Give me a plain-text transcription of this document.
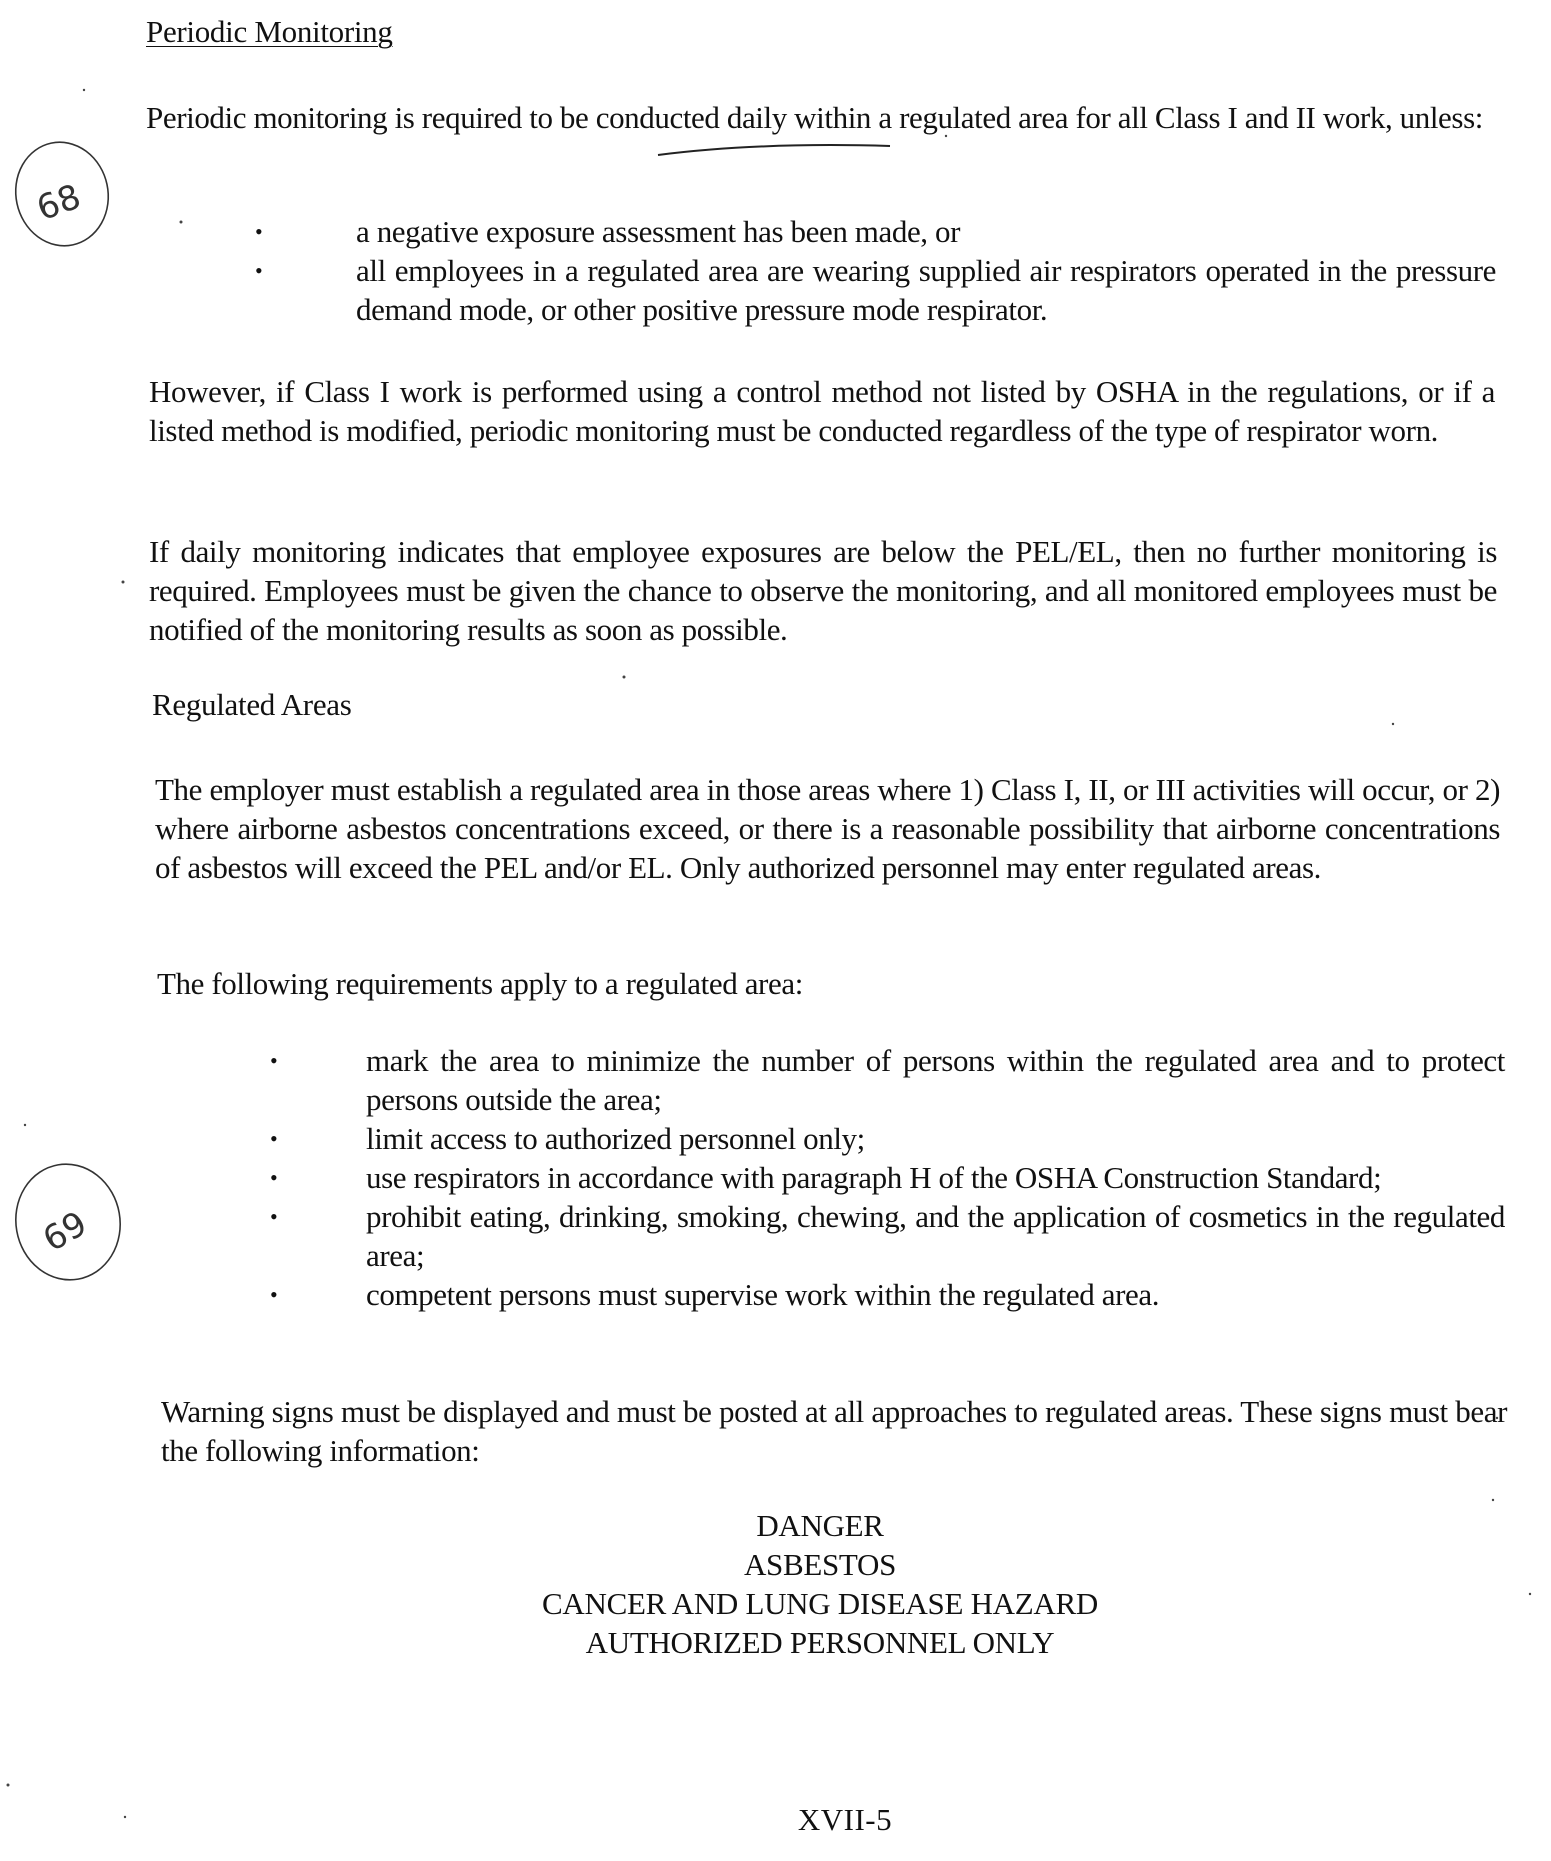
68
69
Periodic Monitoring
Periodic monitoring is required to be conducted daily within a regulated area for all Class I and II work, unless:
• a negative exposure assessment has been made, or
• all employees in a regulated area are wearing supplied air respirators operated in the pressure demand mode, or other positive pressure mode respirator.
However, if Class I work is performed using a control method not listed by OSHA in the regulations, or if a listed method is modified, periodic monitoring must be conducted regardless of the type of respirator worn.
If daily monitoring indicates that employee exposures are below the PEL/EL, then no further monitoring is required. Employees must be given the chance to observe the monitoring, and all monitored employees must be notified of the monitoring results as soon as possible.
Regulated Areas
The employer must establish a regulated area in those areas where 1) Class I, II, or III activities will occur, or 2) where airborne asbestos concentrations exceed, or there is a reasonable possibility that airborne concentrations of asbestos will exceed the PEL and/or EL. Only authorized personnel may enter regulated areas.
The following requirements apply to a regulated area:
• mark the area to minimize the number of persons within the regulated area and to protect persons outside the area;
• limit access to authorized personnel only;
• use respirators in accordance with paragraph H of the OSHA Construction Standard;
• prohibit eating, drinking, smoking, chewing, and the application of cosmetics in the regulated area;
• competent persons must supervise work within the regulated area.
Warning signs must be displayed and must be posted at all approaches to regulated areas. These signs must bear the following information:
DANGER
ASBESTOS
CANCER AND LUNG DISEASE HAZARD
AUTHORIZED PERSONNEL ONLY
XVII-5
